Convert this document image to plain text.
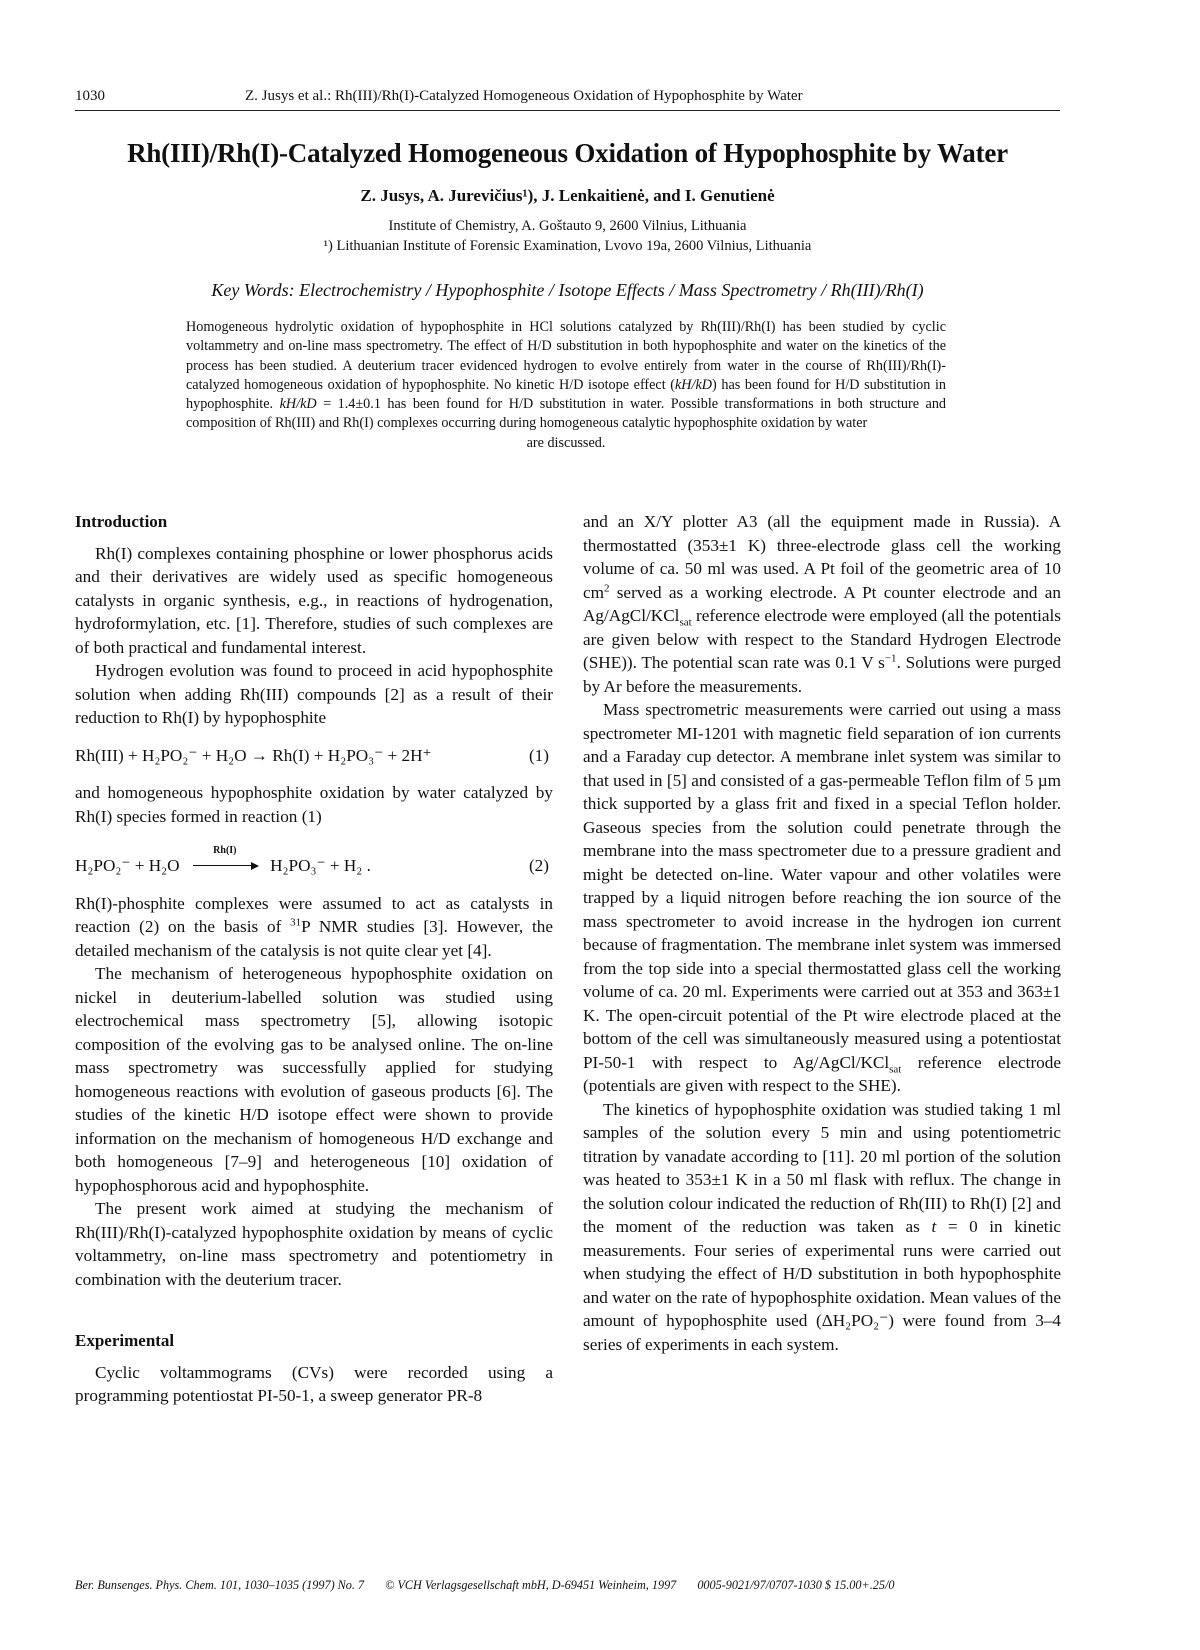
1030	Z. Jusys et al.: Rh(III)/Rh(I)-Catalyzed Homogeneous Oxidation of Hypophosphite by Water
Rh(III)/Rh(I)-Catalyzed Homogeneous Oxidation of Hypophosphite by Water
Z. Jusys, A. Jurevičius¹), J. Lenkaitienė, and I. Genutienė
Institute of Chemistry, A. Goštauto 9, 2600 Vilnius, Lithuania
¹) Lithuanian Institute of Forensic Examination, Lvovo 19a, 2600 Vilnius, Lithuania
Key Words: Electrochemistry / Hypophosphite / Isotope Effects / Mass Spectrometry / Rh(III)/Rh(I)
Homogeneous hydrolytic oxidation of hypophosphite in HCl solutions catalyzed by Rh(III)/Rh(I) has been studied by cyclic voltammetry and on-line mass spectrometry. The effect of H/D substitution in both hypophosphite and water on the kinetics of the process has been studied. A deuterium tracer evidenced hydrogen to evolve entirely from water in the course of Rh(III)/Rh(I)-catalyzed homogeneous oxidation of hypophosphite. No kinetic H/D isotope effect (kH/kD) has been found for H/D substitution in hypophosphite. kH/kD = 1.4±0.1 has been found for H/D substitution in water. Possible transformations in both structure and composition of Rh(III) and Rh(I) complexes occurring during homogeneous catalytic hypophosphite oxidation by water
are discussed.
Introduction

Rh(I) complexes containing phosphine or lower phosphorus acids and their derivatives are widely used as specific homogeneous catalysts in organic synthesis, e.g., in reactions of hydrogenation, hydroformylation, etc. [1]. Therefore, studies of such complexes are of both practical and fundamental interest.

Hydrogen evolution was found to proceed in acid hypophosphite solution when adding Rh(III) compounds [2] as a result of their reduction to Rh(I) by hypophosphite

Rh(III) + H₂PO₂⁻ + H₂O → Rh(I) + H₂PO₃⁻ + 2H⁺	(1)

and homogeneous hypophosphite oxidation by water catalyzed by Rh(I) species formed in reaction (1)

H₂PO₂⁻ + H₂O
Rh(I)
H₂PO₃⁻ + H₂ .	(2)

Rh(I)-phosphite complexes were assumed to act as catalysts in reaction (2) on the basis of $^{31}$P NMR studies [3]. However, the detailed mechanism of the catalysis is not quite clear yet [4].

The mechanism of heterogeneous hypophosphite oxidation on nickel in deuterium-labelled solution was studied using electrochemical mass spectrometry [5], allowing isotopic composition of the evolving gas to be analysed online. The on-line mass spectrometry was successfully applied for studying homogeneous reactions with evolution of gaseous products [6]. The studies of the kinetic H/D isotope effect were shown to provide information on the mechanism of homogeneous H/D exchange and both homogeneous [7–9] and heterogeneous [10] oxidation of hypophosphorous acid and hypophosphite.

The present work aimed at studying the mechanism of Rh(III)/Rh(I)-catalyzed hypophosphite oxidation by means of cyclic voltammetry, on-line mass spectrometry and potentiometry in combination with the deuterium tracer.

Experimental

Cyclic voltammograms (CVs) were recorded using a programming potentiostat PI-50-1, a sweep generator PR-8

and an X/Y plotter A3 (all the equipment made in Russia). A thermostatted (353±1 K) three-electrode glass cell the working volume of ca. 50 ml was used. A Pt foil of the geometric area of 10 $cm^2$ served as a working electrode. A Pt counter electrode and an Ag/AgCl/KCl$_{sat}$ reference electrode were employed (all the potentials are given below with respect to the Standard Hydrogen Electrode (SHE)). The potential scan rate was 0.1 V $s^{-1}$. Solutions were purged by Ar before the measurements.

Mass spectrometric measurements were carried out using a mass spectrometer MI-1201 with magnetic field separation of ion currents and a Faraday cup detector. A membrane inlet system was similar to that used in [5] and consisted of a gas-permeable Teflon film of 5 µm thick supported by a glass frit and fixed in a special Teflon holder. Gaseous species from the solution could penetrate through the membrane into the mass spectrometer due to a pressure gradient and might be detected on-line. Water vapour and other volatiles were trapped by a liquid nitrogen before reaching the ion source of the mass spectrometer to avoid increase in the hydrogen ion current because of fragmentation. The membrane inlet system was immersed from the top side into a special thermostatted glass cell the working volume of ca. 20 ml. Experiments were carried out at 353 and 363±1 K. The open-circuit potential of the Pt wire electrode placed at the bottom of the cell was simultaneously measured using a potentiostat PI-50-1 with respect to Ag/AgCl/KCl$_{sat}$ reference electrode (potentials are given with respect to the SHE).

The kinetics of hypophosphite oxidation was studied taking 1 ml samples of the solution every 5 min and using potentiometric titration by vanadate according to [11]. 20 ml portion of the solution was heated to 353±1 K in a 50 ml flask with reflux. The change in the solution colour indicated the reduction of Rh(III) to Rh(I) [2] and the moment of the reduction was taken as t = 0 in kinetic measurements. Four series of experimental runs were carried out when studying the effect of H/D substitution in both hypophosphite and water on the rate of hypophosphite oxidation. Mean values of the amount of hypophosphite used (ΔH₂PO₂⁻) were found from 3–4 series of experiments in each system.

Ber. Bunsenges. Phys. Chem. 101, 1030–1035 (1997) No. 7 © VCH Verlagsgesellschaft mbH, D-69451 Weinheim, 1997 0005-9021/97/0707-1030 $ 15.00+.25/0
